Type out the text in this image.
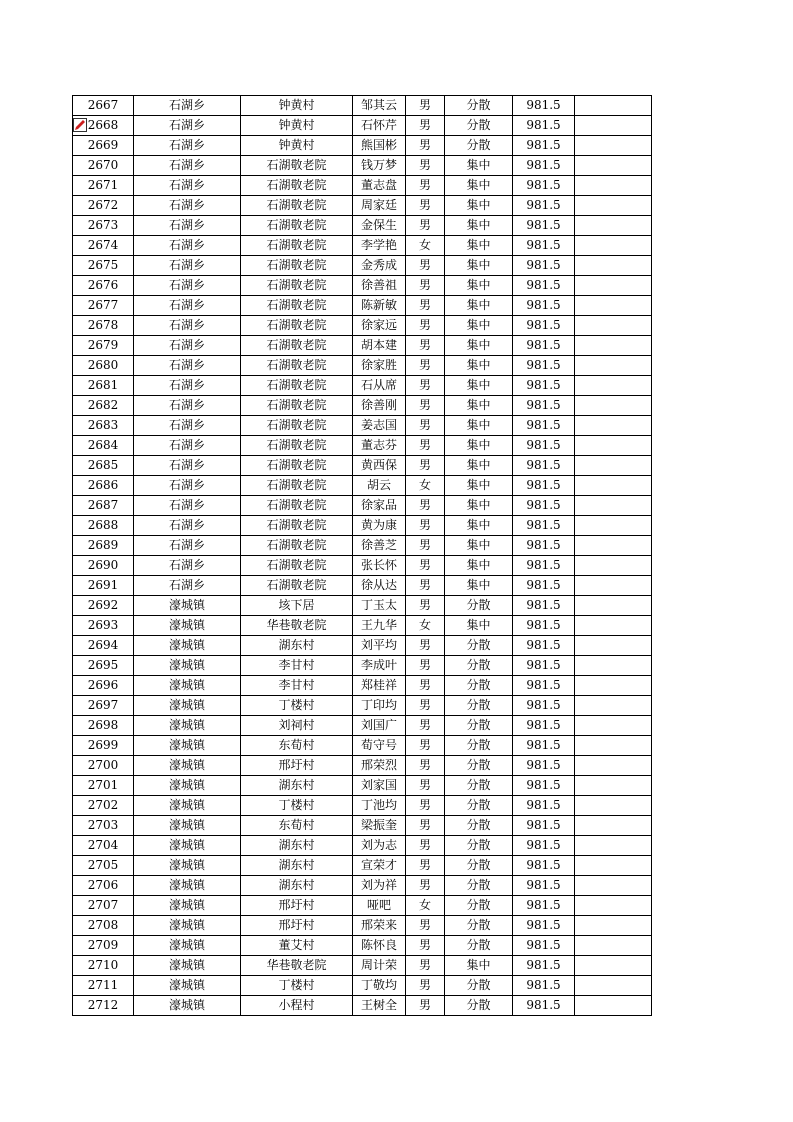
2667	石湖乡	钟黄村	邹其云	男	分散	981.5	
2668	石湖乡	钟黄村	石怀芹	男	分散	981.5	
2669	石湖乡	钟黄村	熊国彬	男	分散	981.5	
2670	石湖乡	石湖敬老院	钱万梦	男	集中	981.5	
2671	石湖乡	石湖敬老院	董志盘	男	集中	981.5	
2672	石湖乡	石湖敬老院	周家廷	男	集中	981.5	
2673	石湖乡	石湖敬老院	金保生	男	集中	981.5	
2674	石湖乡	石湖敬老院	李学艳	女	集中	981.5	
2675	石湖乡	石湖敬老院	金秀成	男	集中	981.5	
2676	石湖乡	石湖敬老院	徐善祖	男	集中	981.5	
2677	石湖乡	石湖敬老院	陈新敏	男	集中	981.5	
2678	石湖乡	石湖敬老院	徐家远	男	集中	981.5	
2679	石湖乡	石湖敬老院	胡本建	男	集中	981.5	
2680	石湖乡	石湖敬老院	徐家胜	男	集中	981.5	
2681	石湖乡	石湖敬老院	石从席	男	集中	981.5	
2682	石湖乡	石湖敬老院	徐善刚	男	集中	981.5	
2683	石湖乡	石湖敬老院	姜志国	男	集中	981.5	
2684	石湖乡	石湖敬老院	董志芬	男	集中	981.5	
2685	石湖乡	石湖敬老院	黄西保	男	集中	981.5	
2686	石湖乡	石湖敬老院	胡云	女	集中	981.5	
2687	石湖乡	石湖敬老院	徐家品	男	集中	981.5	
2688	石湖乡	石湖敬老院	黄为康	男	集中	981.5	
2689	石湖乡	石湖敬老院	徐善芝	男	集中	981.5	
2690	石湖乡	石湖敬老院	张长怀	男	集中	981.5	
2691	石湖乡	石湖敬老院	徐从达	男	集中	981.5	
2692	濠城镇	垓下居	丁玉太	男	分散	981.5	
2693	濠城镇	华巷敬老院	王九华	女	集中	981.5	
2694	濠城镇	湖东村	刘平均	男	分散	981.5	
2695	濠城镇	李甘村	李成叶	男	分散	981.5	
2696	濠城镇	李甘村	郑桂祥	男	分散	981.5	
2697	濠城镇	丁楼村	丁印均	男	分散	981.5	
2698	濠城镇	刘祠村	刘国广	男	分散	981.5	
2699	濠城镇	东荀村	荀守号	男	分散	981.5	
2700	濠城镇	邢圩村	邢荣烈	男	分散	981.5	
2701	濠城镇	湖东村	刘家国	男	分散	981.5	
2702	濠城镇	丁楼村	丁池均	男	分散	981.5	
2703	濠城镇	东荀村	梁振奎	男	分散	981.5	
2704	濠城镇	湖东村	刘为志	男	分散	981.5	
2705	濠城镇	湖东村	宣荣才	男	分散	981.5	
2706	濠城镇	湖东村	刘为祥	男	分散	981.5	
2707	濠城镇	邢圩村	哑吧	女	分散	981.5	
2708	濠城镇	邢圩村	邢荣来	男	分散	981.5	
2709	濠城镇	董艾村	陈怀良	男	分散	981.5	
2710	濠城镇	华巷敬老院	周计荣	男	集中	981.5	
2711	濠城镇	丁楼村	丁敬均	男	分散	981.5	
2712	濠城镇	小程村	王树全	男	分散	981.5	
